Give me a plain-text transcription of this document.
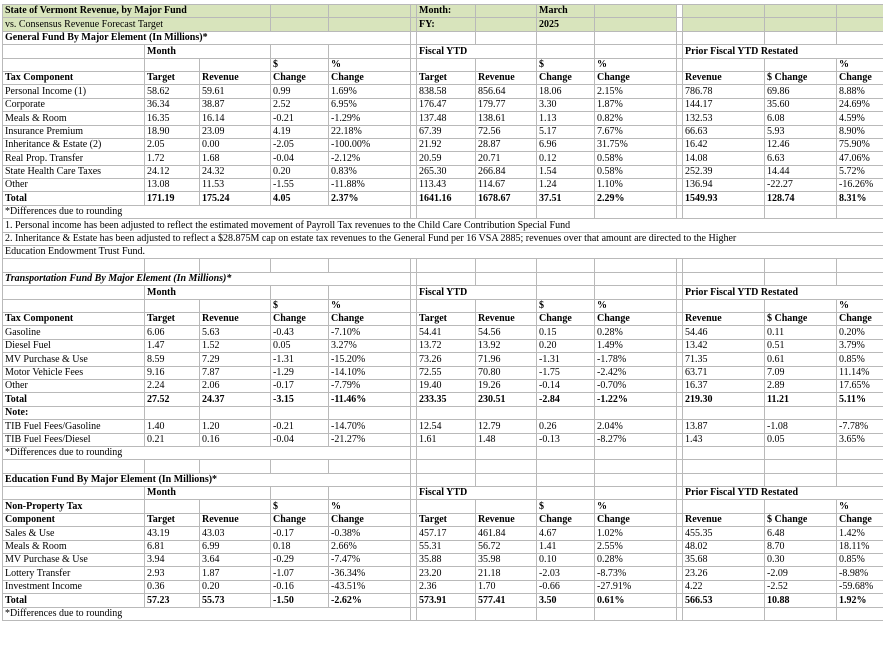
State of Vermont Revenue, by Major Fund						Month:		March					
vs. Consensus Revenue Forecast Target						FY:		2025					
General Fund By Major Element (In Millions)*													
	Month					Fiscal YTD					Prior Fiscal YTD Restated		
			$	%				$	%				%
Tax Component	Target	Revenue	Change	Change		Target	Revenue	Change	Change		Revenue	$ Change	Change
Personal Income (1)	58.62	59.61	0.99	1.69%		838.58	856.64	18.06	2.15%		786.78	69.86	8.88%
Corporate	36.34	38.87	2.52	6.95%		176.47	179.77	3.30	1.87%		144.17	35.60	24.69%
Meals & Room	16.35	16.14	-0.21	-1.29%		137.48	138.61	1.13	0.82%		132.53	6.08	4.59%
Insurance Premium	18.90	23.09	4.19	22.18%		67.39	72.56	5.17	7.67%		66.63	5.93	8.90%
Inheritance & Estate (2)	2.05	0.00	-2.05	-100.00%		21.92	28.87	6.96	31.75%		16.42	12.46	75.90%
Real Prop. Transfer	1.72	1.68	-0.04	-2.12%		20.59	20.71	0.12	0.58%		14.08	6.63	47.06%
State Health Care Taxes	24.12	24.32	0.20	0.83%		265.30	266.84	1.54	0.58%		252.39	14.44	5.72%
Other	13.08	11.53	-1.55	-11.88%		113.43	114.67	1.24	1.10%		136.94	-22.27	-16.26%
Total	171.19	175.24	4.05	2.37%		1641.16	1678.67	37.51	2.29%		1549.93	128.74	8.31%
*Differences due to rounding													
1. Personal income has been adjusted to reflect the estimated movement of Payroll Tax revenues to the Child Care Contribution Special Fund													
2. Inheritance & Estate has been adjusted to reflect a $28.875M cap on estate tax revenues to the General Fund per 16 VSA 2885; revenues over that amount are directed to the Higher													
Education Endowment Trust Fund.													

Transportation Fund By Major Element (In Millions)*													
	Month					Fiscal YTD					Prior Fiscal YTD Restated		
			$	%				$	%				%
Tax Component	Target	Revenue	Change	Change		Target	Revenue	Change	Change		Revenue	$ Change	Change
Gasoline	6.06	5.63	-0.43	-7.10%		54.41	54.56	0.15	0.28%		54.46	0.11	0.20%
Diesel Fuel	1.47	1.52	0.05	3.27%		13.72	13.92	0.20	1.49%		13.42	0.51	3.79%
MV Purchase & Use	8.59	7.29	-1.31	-15.20%		73.26	71.96	-1.31	-1.78%		71.35	0.61	0.85%
Motor Vehicle Fees	9.16	7.87	-1.29	-14.10%		72.55	70.80	-1.75	-2.42%		63.71	7.09	11.14%
Other	2.24	2.06	-0.17	-7.79%		19.40	19.26	-0.14	-0.70%		16.37	2.89	17.65%
Total	27.52	24.37	-3.15	-11.46%		233.35	230.51	-2.84	-1.22%		219.30	11.21	5.11%
Note:													
TIB Fuel Fees/Gasoline	1.40	1.20	-0.21	-14.70%		12.54	12.79	0.26	2.04%		13.87	-1.08	-7.78%
TIB Fuel Fees/Diesel	0.21	0.16	-0.04	-21.27%		1.61	1.48	-0.13	-8.27%		1.43	0.05	3.65%
*Differences due to rounding													

Education Fund By Major Element (In Millions)*													
	Month					Fiscal YTD					Prior Fiscal YTD Restated		
Non-Property Tax			$	%				$	%				%
Component	Target	Revenue	Change	Change		Target	Revenue	Change	Change		Revenue	$ Change	Change
Sales & Use	43.19	43.03	-0.17	-0.38%		457.17	461.84	4.67	1.02%		455.35	6.48	1.42%
Meals & Room	6.81	6.99	0.18	2.66%		55.31	56.72	1.41	2.55%		48.02	8.70	18.11%
MV Purchase & Use	3.94	3.64	-0.29	-7.47%		35.88	35.98	0.10	0.28%		35.68	0.30	0.85%
Lottery Transfer	2.93	1.87	-1.07	-36.34%		23.20	21.18	-2.03	-8.73%		23.26	-2.09	-8.98%
Investment Income	0.36	0.20	-0.16	-43.51%		2.36	1.70	-0.66	-27.91%		4.22	-2.52	-59.68%
Total	57.23	55.73	-1.50	-2.62%		573.91	577.41	3.50	0.61%		566.53	10.88	1.92%
*Differences due to rounding													
